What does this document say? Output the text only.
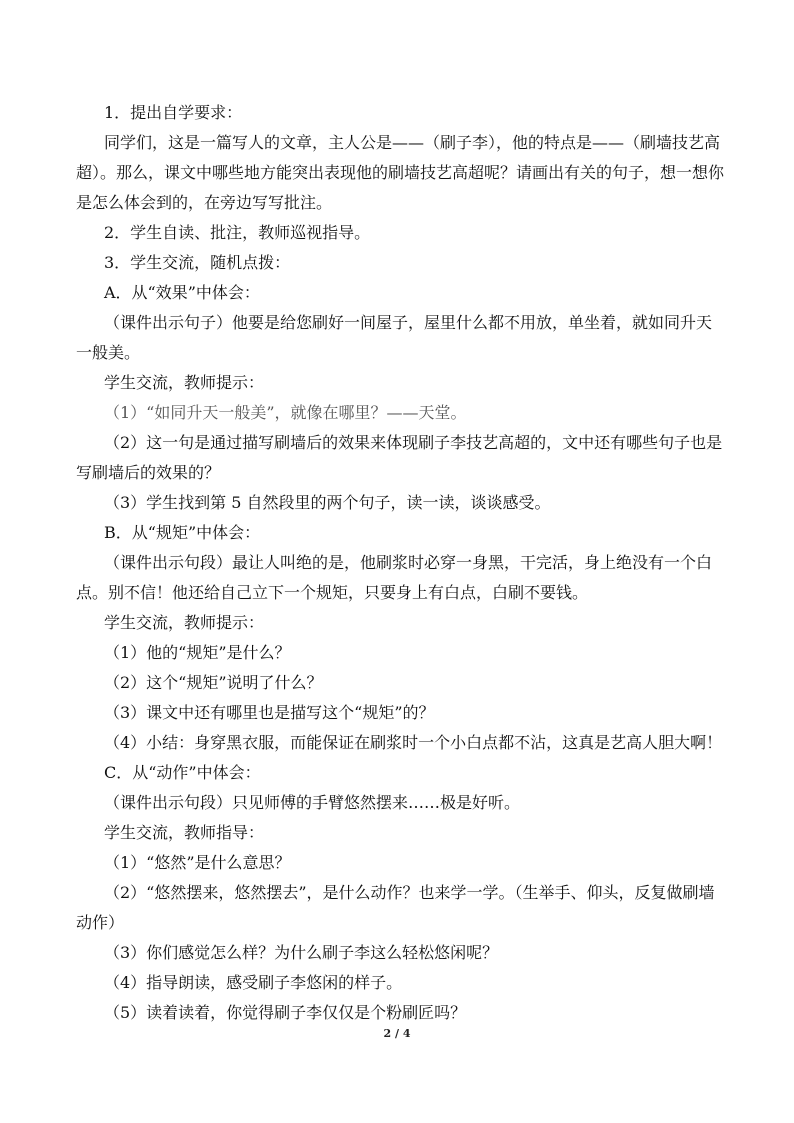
1．提出自学要求：
同学们，这是一篇写人的文章，主人公是——（刷子李），他的特点是——（刷墙技艺高
超）。那么，课文中哪些地方能突出表现他的刷墙技艺高超呢？请画出有关的句子，想一想你
是怎么体会到的，在旁边写写批注。
2．学生自读、批注，教师巡视指导。
3．学生交流，随机点拨：
A．从“效果”中体会：
（课件出示句子）他要是给您刷好一间屋子，屋里什么都不用放，单坐着，就如同升天
一般美。
学生交流，教师提示：
（1）“如同升天一般美”，就像在哪里？——天堂。
（2）这一句是通过描写刷墙后的效果来体现刷子李技艺高超的，文中还有哪些句子也是
写刷墙后的效果的？
（3）学生找到第 5 自然段里的两个句子，读一读，谈谈感受。
B．从“规矩”中体会：
（课件出示句段）最让人叫绝的是，他刷浆时必穿一身黑，干完活，身上绝没有一个白
点。别不信！他还给自己立下一个规矩，只要身上有白点，白刷不要钱。
学生交流，教师提示：
（1）他的“规矩”是什么？
（2）这个“规矩”说明了什么？
（3）课文中还有哪里也是描写这个“规矩”的？
（4）小结：身穿黑衣服，而能保证在刷浆时一个小白点都不沾，这真是艺高人胆大啊！
C．从“动作”中体会：
（课件出示句段）只见师傅的手臂悠然摆来……极是好听。
学生交流，教师指导：
（1）“悠然”是什么意思？
（2）“悠然摆来，悠然摆去”，是什么动作？也来学一学。（生举手、仰头，反复做刷墙
动作）
（3）你们感觉怎么样？为什么刷子李这么轻松悠闲呢？
（4）指导朗读，感受刷子李悠闲的样子。
（5）读着读着，你觉得刷子李仅仅是个粉刷匠吗？
2 / 4
